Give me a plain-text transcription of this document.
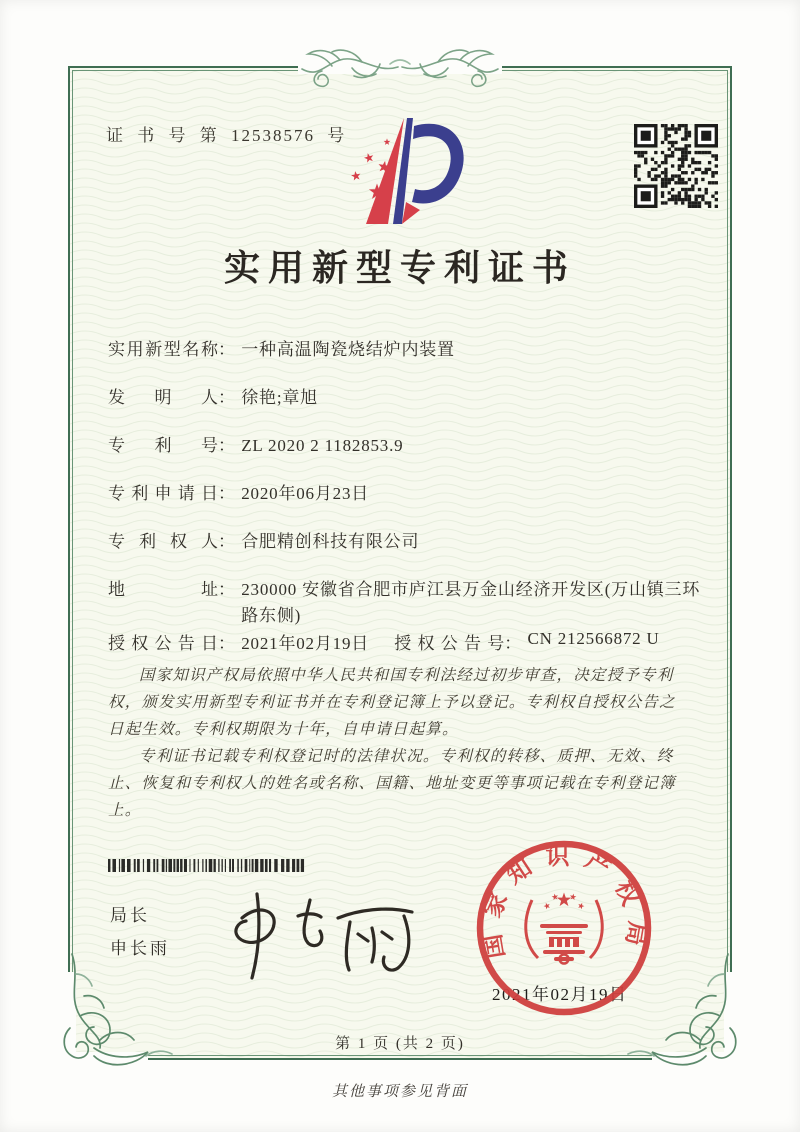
证 书 号 第 12538576 号
实用新型专利证书
实用新型名称： 一种高温陶瓷烧结炉内装置
发明人： 徐艳;章旭
专利号： ZL 2020 2 1182853.9
专利申请日： 2020年06月23日
专利权人： 合肥精创科技有限公司
地址： 230000 安徽省合肥市庐江县万金山经济开发区(万山镇三环路东侧)
授权公告日： 2021年02月19日 授权公告号： CN 212566872 U

国家知识产权局依照中华人民共和国专利法经过初步审查，决定授予专利权，颁发实用新型专利证书并在专利登记簿上予以登记。专利权自授权公告之日起生效。专利权期限为十年，自申请日起算。

专利证书记载专利权登记时的法律状况。专利权的转移、质押、无效、终止、恢复和专利权人的姓名或名称、国籍、地址变更等事项记载在专利登记簿上。

局长
申长雨
2021年02月19日
国家知识产权局
第 1 页 (共 2 页)
其他事项参见背面
